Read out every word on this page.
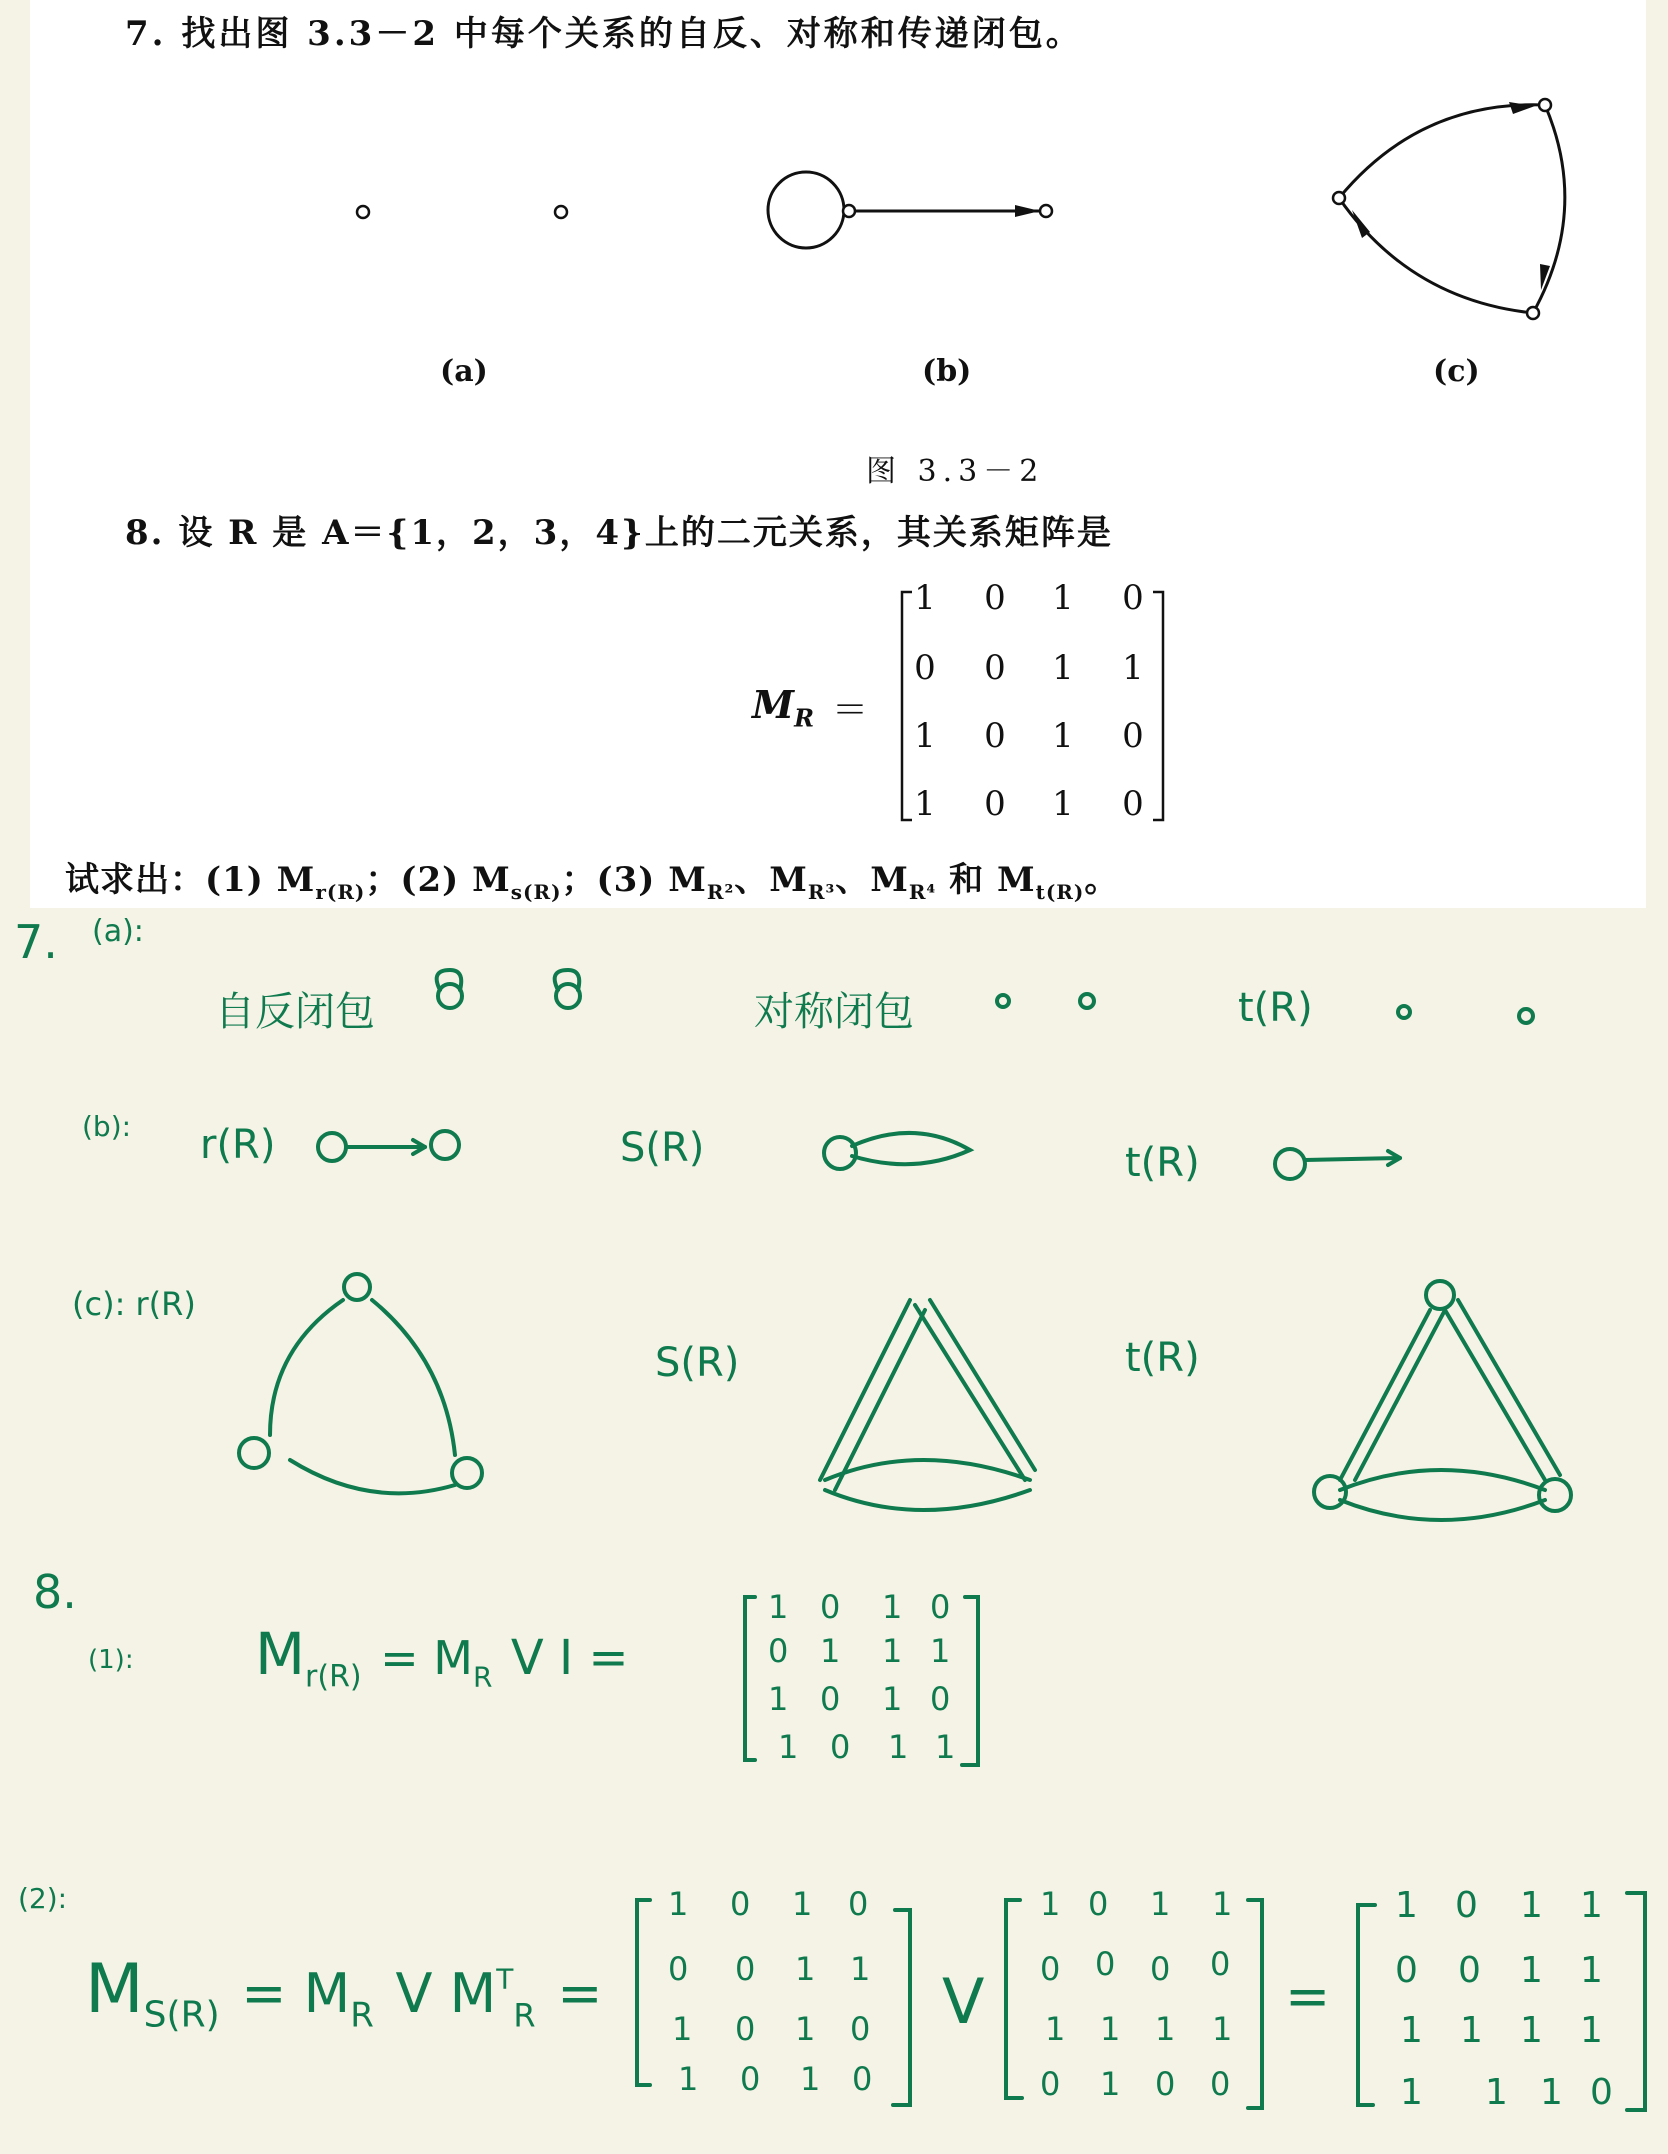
7. 找出图 3.3－2 中每个关系的自反、对称和传递闭包。
(a)	(b)	(c)
图 3.3－2
8. 设 R 是 A＝{1，2，3，4}上的二元关系，其关系矩阵是
$M_R$ ＝
1 0 1 0
0 0 1 1
1 0 1 0
1 0 1 0
试求出：(1) $M_{r(R)}$；(2) $M_{s(R)}$；(3) $M_{R^2}$、$M_{R^3}$、$M_{R^4}$ 和 $M_{t(R)}$。
7. (a):
自反闭包	对称闭包	t(R)
(b): r(R)	S(R)	t(R)
(c): r(R)
S(R)	t(R)
8.
(1): $M_{r(R)} = M_R$ V I =
1 0 1 0
0 1 1 1
1 0 1 0
1 0 1 1
(2):
$M_{S(R)} = M_R$ V $M^T_R$ =
1 0 1 0
0 0 1 1
1 0 1 0
1 0 1 0
V
1 0 1 1
0 0 0 0
1 1 1 1
0 1 0 0
=
1 0 1 1
0 0 1 1
1 1 1 1
1 1 1 0
